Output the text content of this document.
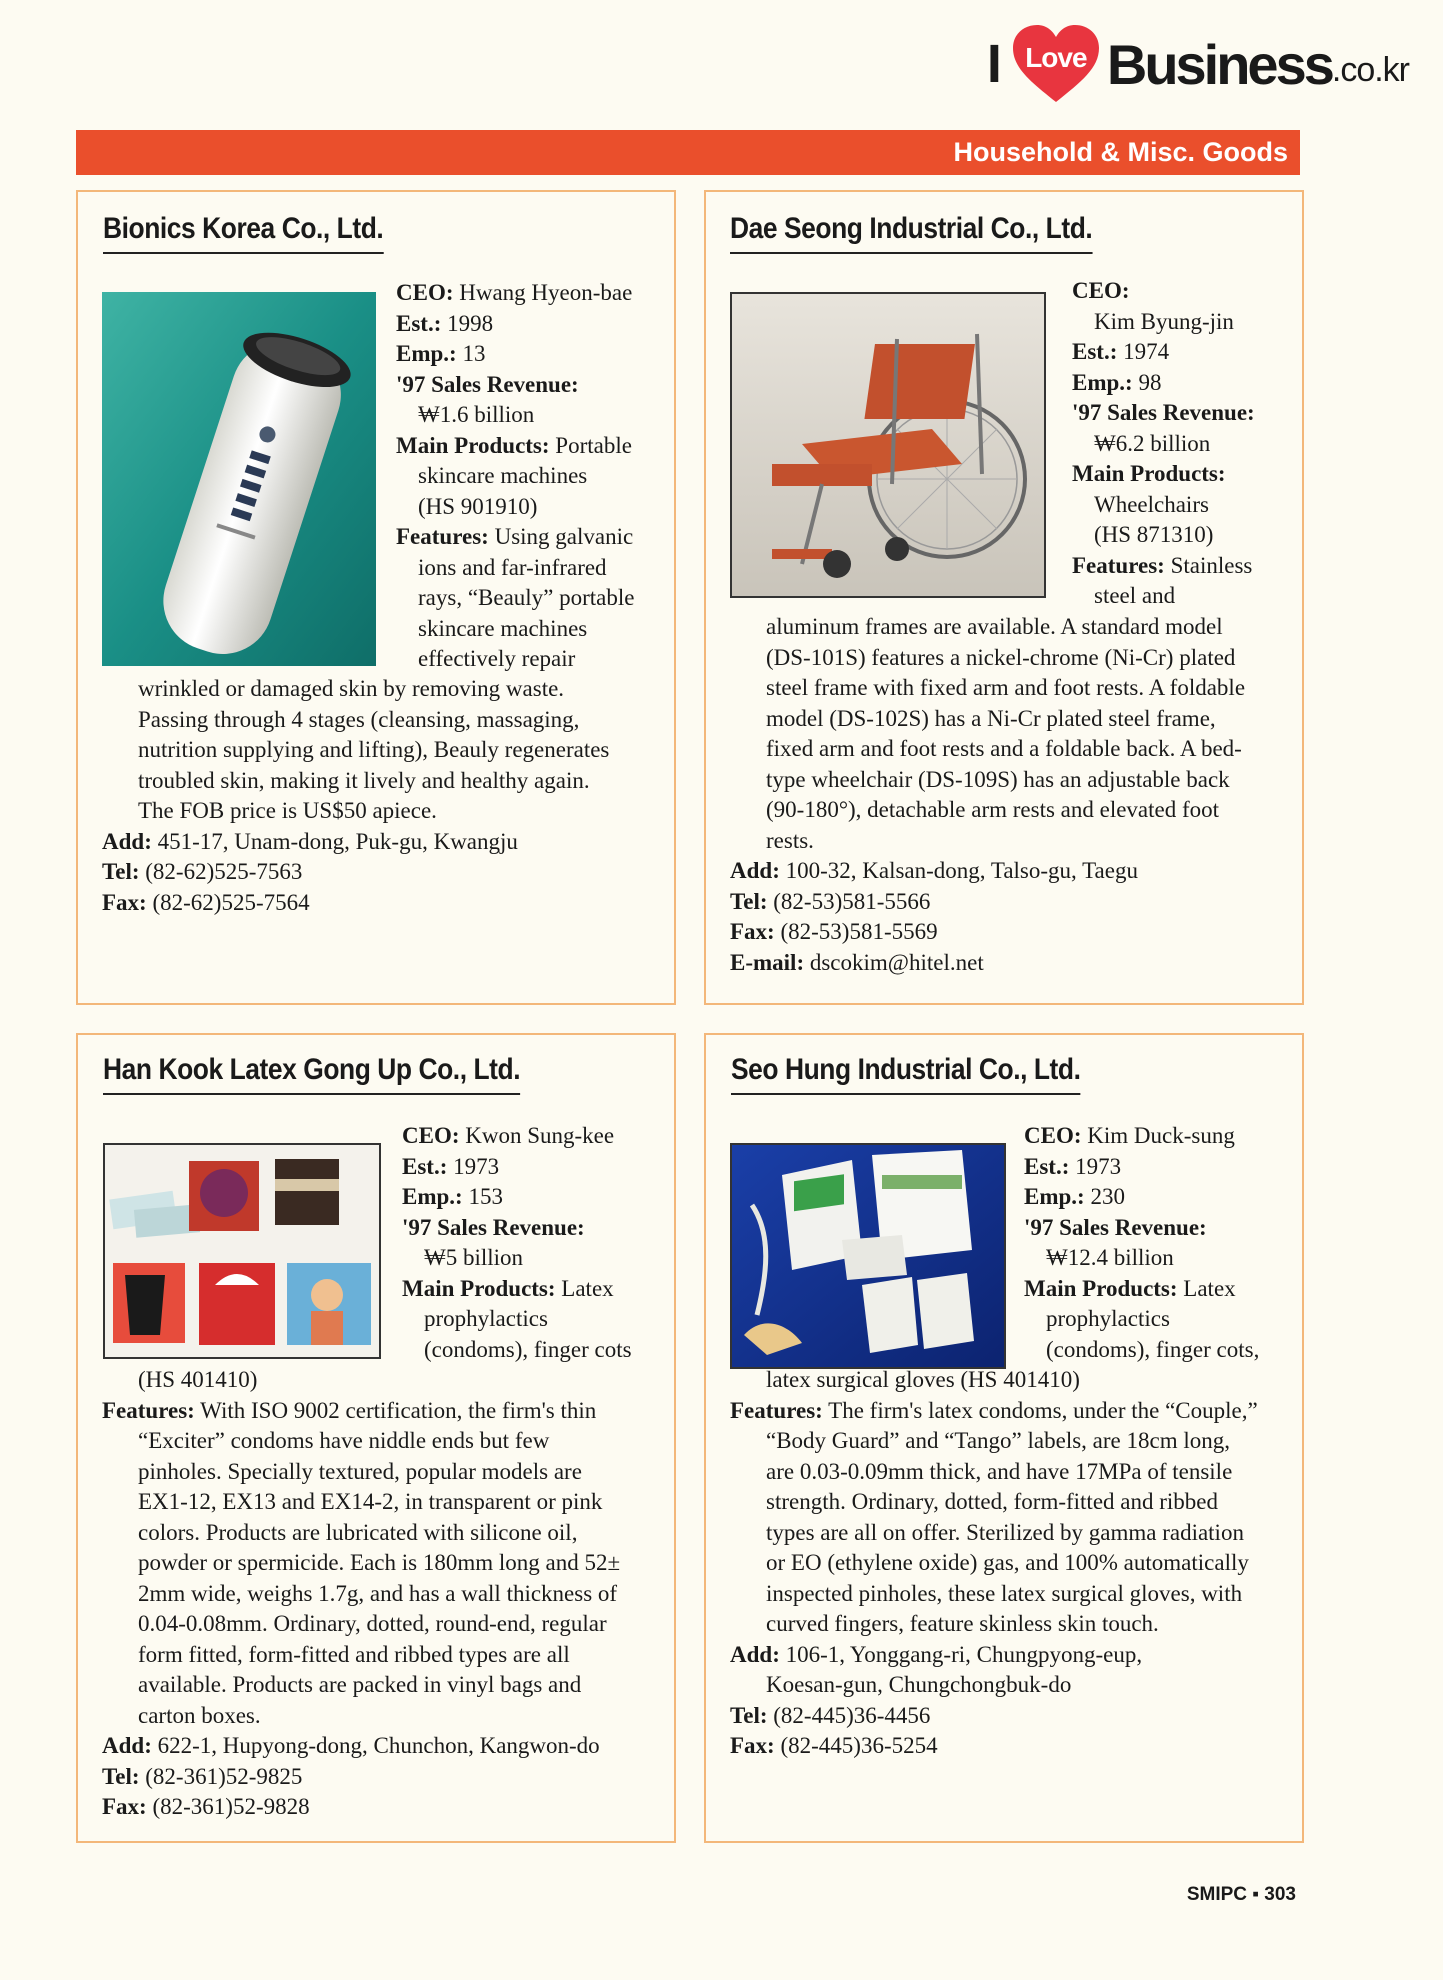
I Love Business .co.kr
Household & Misc. Goods
Bionics Korea Co., Ltd.
CEO: Hwang Hyeon-bae
Est.: 1998
Emp.: 13
'97 Sales Revenue:
₩1.6 billion
Main Products: Portable
skincare machines
(HS 901910)
Features: Using galvanic
ions and far-infrared
rays, “Beauly” portable
skincare machines
effectively repair
wrinkled or damaged skin by removing waste.
Passing through 4 stages (cleansing, massaging,
nutrition supplying and lifting), Beauly regenerates
troubled skin, making it lively and healthy again.
The FOB price is US$50 apiece.
Add: 451-17, Unam-dong, Puk-gu, Kwangju
Tel: (82-62)525-7563
Fax: (82-62)525-7564
Dae Seong Industrial Co., Ltd.
CEO:
Kim Byung-jin
Est.: 1974
Emp.: 98
'97 Sales Revenue:
₩6.2 billion
Main Products:
Wheelchairs
(HS 871310)
Features: Stainless
steel and
aluminum frames are available. A standard model
(DS-101S) features a nickel-chrome (Ni-Cr) plated
steel frame with fixed arm and foot rests. A foldable
model (DS-102S) has a Ni-Cr plated steel frame,
fixed arm and foot rests and a foldable back. A bed-
type wheelchair (DS-109S) has an adjustable back
(90-180°), detachable arm rests and elevated foot
rests.
Add: 100-32, Kalsan-dong, Talso-gu, Taegu
Tel: (82-53)581-5566
Fax: (82-53)581-5569
E-mail: dscokim@hitel.net
Han Kook Latex Gong Up Co., Ltd.
CEO: Kwon Sung-kee
Est.: 1973
Emp.: 153
'97 Sales Revenue:
₩5 billion
Main Products: Latex
prophylactics
(condoms), finger cots
(HS 401410)
Features: With ISO 9002 certification, the firm's thin
“Exciter” condoms have niddle ends but few
pinholes. Specially textured, popular models are
EX1-12, EX13 and EX14-2, in transparent or pink
colors. Products are lubricated with silicone oil,
powder or spermicide. Each is 180mm long and 52±
2mm wide, weighs 1.7g, and has a wall thickness of
0.04-0.08mm. Ordinary, dotted, round-end, regular
form fitted, form-fitted and ribbed types are all
available. Products are packed in vinyl bags and
carton boxes.
Add: 622-1, Hupyong-dong, Chunchon, Kangwon-do
Tel: (82-361)52-9825
Fax: (82-361)52-9828
Seo Hung Industrial Co., Ltd.
CEO: Kim Duck-sung
Est.: 1973
Emp.: 230
'97 Sales Revenue:
₩12.4 billion
Main Products: Latex
prophylactics
(condoms), finger cots,
latex surgical gloves (HS 401410)
Features: The firm's latex condoms, under the “Couple,”
“Body Guard” and “Tango” labels, are 18cm long,
are 0.03-0.09mm thick, and have 17MPa of tensile
strength. Ordinary, dotted, form-fitted and ribbed
types are all on offer. Sterilized by gamma radiation
or EO (ethylene oxide) gas, and 100% automatically
inspected pinholes, these latex surgical gloves, with
curved fingers, feature skinless skin touch.
Add: 106-1, Yonggang-ri, Chungpyong-eup,
Koesan-gun, Chungchongbuk-do
Tel: (82-445)36-4456
Fax: (82-445)36-5254
SMIPC ▪ 303
